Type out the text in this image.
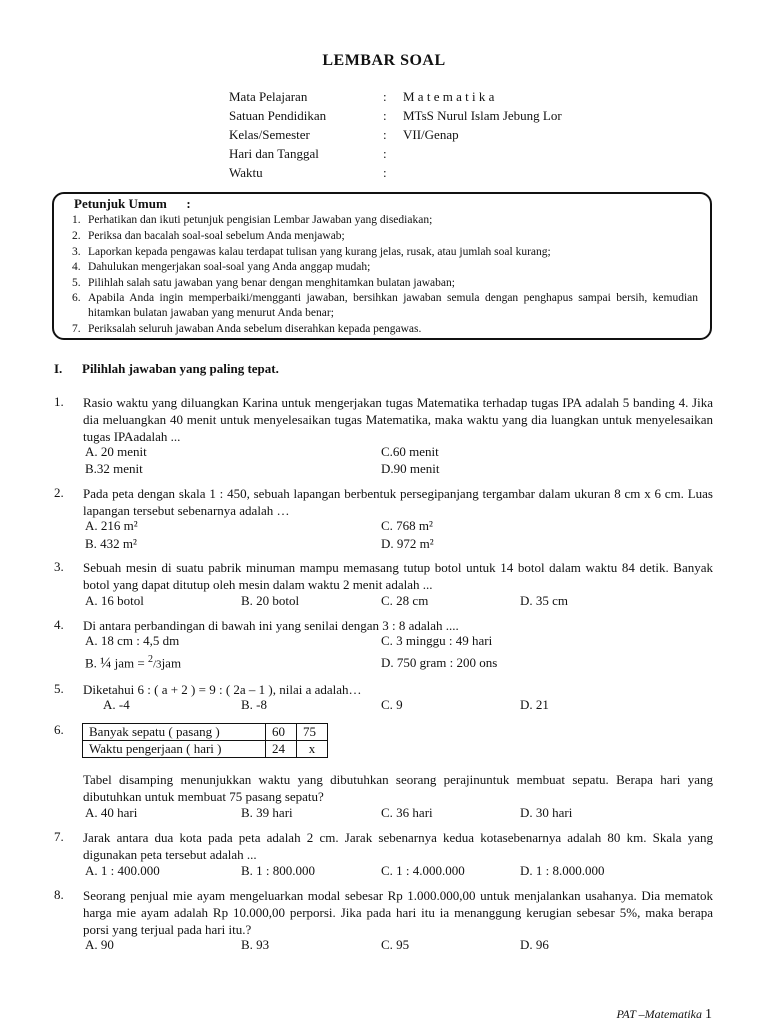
LEMBAR SOAL
Mata Pelajaran	: M a t e m a t i k a
Satuan Pendidikan	: MTsS Nurul Islam Jebung Lor
Kelas/Semester	: VII/Genap
Hari dan Tanggal	:
Waktu	:
Petunjuk Umum      :
1. Perhatikan dan ikuti petunjuk pengisian Lembar Jawaban yang disediakan;
2. Periksa dan bacalah soal-soal sebelum Anda menjawab;
3. Laporkan kepada pengawas kalau terdapat tulisan yang kurang jelas, rusak, atau jumlah soal kurang;
4. Dahulukan mengerjakan soal-soal yang Anda anggap mudah;
5. Pilihlah salah satu jawaban yang benar dengan menghitamkan bulatan jawaban;
6. Apabila Anda ingin memperbaiki/mengganti jawaban, bersihkan jawaban semula dengan penghapus sampai bersih, kemudian hitamkan bulatan jawaban yang menurut Anda benar;
7. Periksalah seluruh jawaban Anda sebelum diserahkan kepada pengawas.
I. Pilihlah jawaban yang paling tepat.
1. Rasio waktu yang diluangkan Karina untuk mengerjakan tugas Matematika terhadap tugas IPA adalah 5 banding 4. Jika dia meluangkan 40 menit untuk menyelesaikan tugas Matematika, maka waktu yang dia luangkan untuk menyelesaikan tugas IPAadalah ...
A. 20 menit	C.60 menit
B.32 menit	D.90 menit
2. Pada peta dengan skala 1 : 450, sebuah lapangan berbentuk persegipanjang tergambar dalam ukuran 8 cm x 6 cm. Luas lapangan tersebut sebenarnya adalah …
A. 216 m²	C. 768 m²
B. 432 m²	D. 972 m²
3. Sebuah mesin di suatu pabrik minuman mampu memasang tutup botol untuk 14 botol dalam waktu 84 detik. Banyak botol yang dapat ditutup oleh mesin dalam waktu 2 menit adalah ...
A. 16 botol	B. 20 botol	C. 28 cm	D. 35 cm
4. Di antara perbandingan di bawah ini yang senilai dengan 3 : 8 adalah ....
A. 18 cm : 4,5 dm	C. 3 minggu : 49 hari
B. ¼ jam = $^2$/3jam	D. 750 gram : 200 ons
5. Diketahui 6 : ( a + 2 ) = 9 : ( 2a – 1 ), nilai a adalah…
A. -4	B. -8	C. 9	D. 21
6. Banyak sepatu ( pasang )	60	75
Waktu pengerjaan ( hari )	24	x
Tabel disamping menunjukkan waktu yang dibutuhkan seorang perajinuntuk membuat sepatu. Berapa hari yang dibutuhkan untuk membuat 75 pasang sepatu?
A. 40 hari	B. 39 hari	C. 36 hari	D. 30 hari
7. Jarak antara dua kota pada peta adalah 2 cm. Jarak sebenarnya kedua kotasebenarnya adalah 80 km. Skala yang digunakan peta tersebut adalah ...
A. 1 : 400.000	B. 1 : 800.000	C. 1 : 4.000.000	D. 1 : 8.000.000
8. Seorang penjual mie ayam mengeluarkan modal sebesar Rp 1.000.000,00 untuk menjalankan usahanya. Dia mematok harga mie ayam adalah Rp 10.000,00 perporsi. Jika pada hari itu ia menanggung kerugian sebesar 5%, maka berapa porsi yang terjual pada hari itu.?
A. 90	B. 93	C. 95	D. 96
PAT –Matematika 1
